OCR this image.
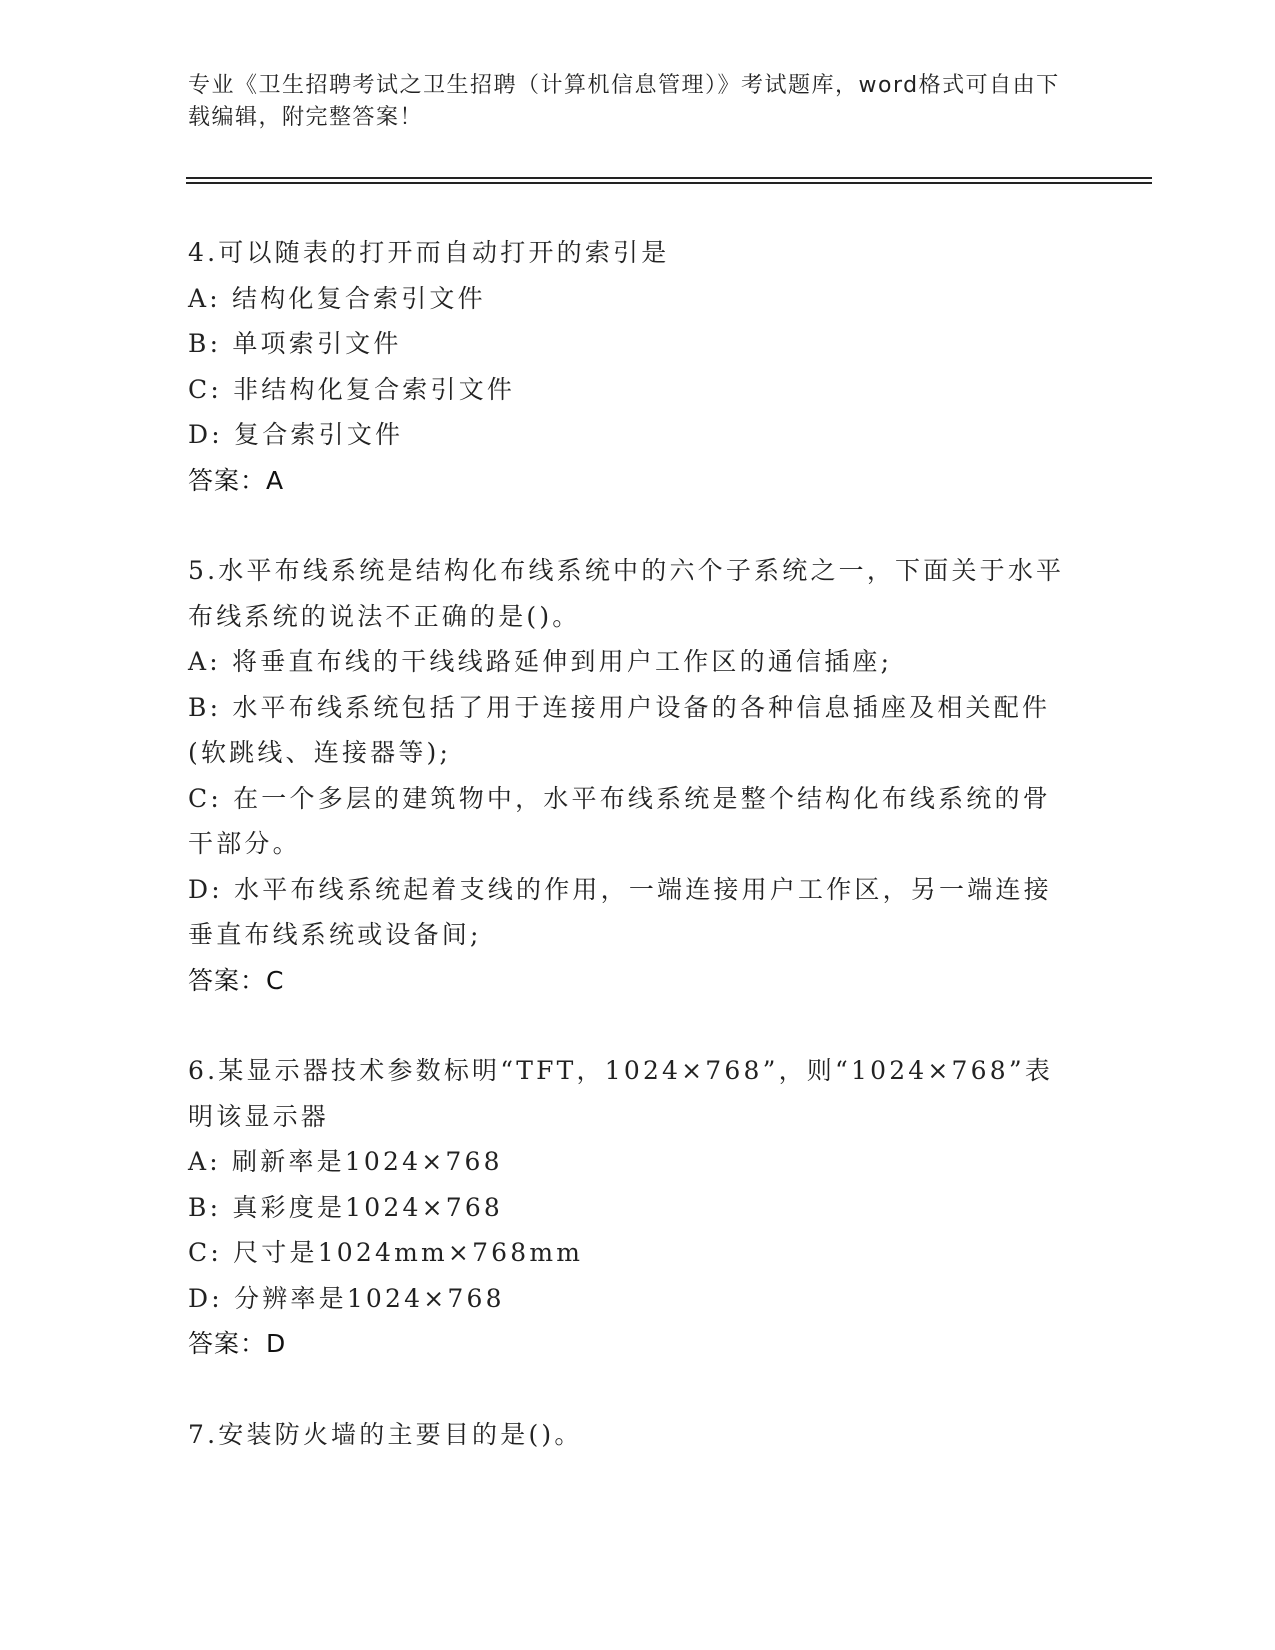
专业《卫生招聘考试之卫生招聘（计算机信息管理）》考试题库，word格式可自由下载编辑，附完整答案！

4.可以随表的打开而自动打开的索引是

A: 结构化复合索引文件

B: 单项索引文件

C: 非结构化复合索引文件

D: 复合索引文件

答案：A

5.水平布线系统是结构化布线系统中的六个子系统之一，下面关于水平布线系统的说法不正确的是()。

A: 将垂直布线的干线线路延伸到用户工作区的通信插座;

B: 水平布线系统包括了用于连接用户设备的各种信息插座及相关配件(软跳线、连接器等);

C: 在一个多层的建筑物中，水平布线系统是整个结构化布线系统的骨干部分。

D: 水平布线系统起着支线的作用，一端连接用户工作区，另一端连接垂直布线系统或设备间;

答案：C

6.某显示器技术参数标明“TFT，1024×768”，则“1024×768”表明该显示器

A: 刷新率是1024×768

B: 真彩度是1024×768

C: 尺寸是1024mm×768mm

D: 分辨率是1024×768

答案：D

7.安装防火墙的主要目的是()。
